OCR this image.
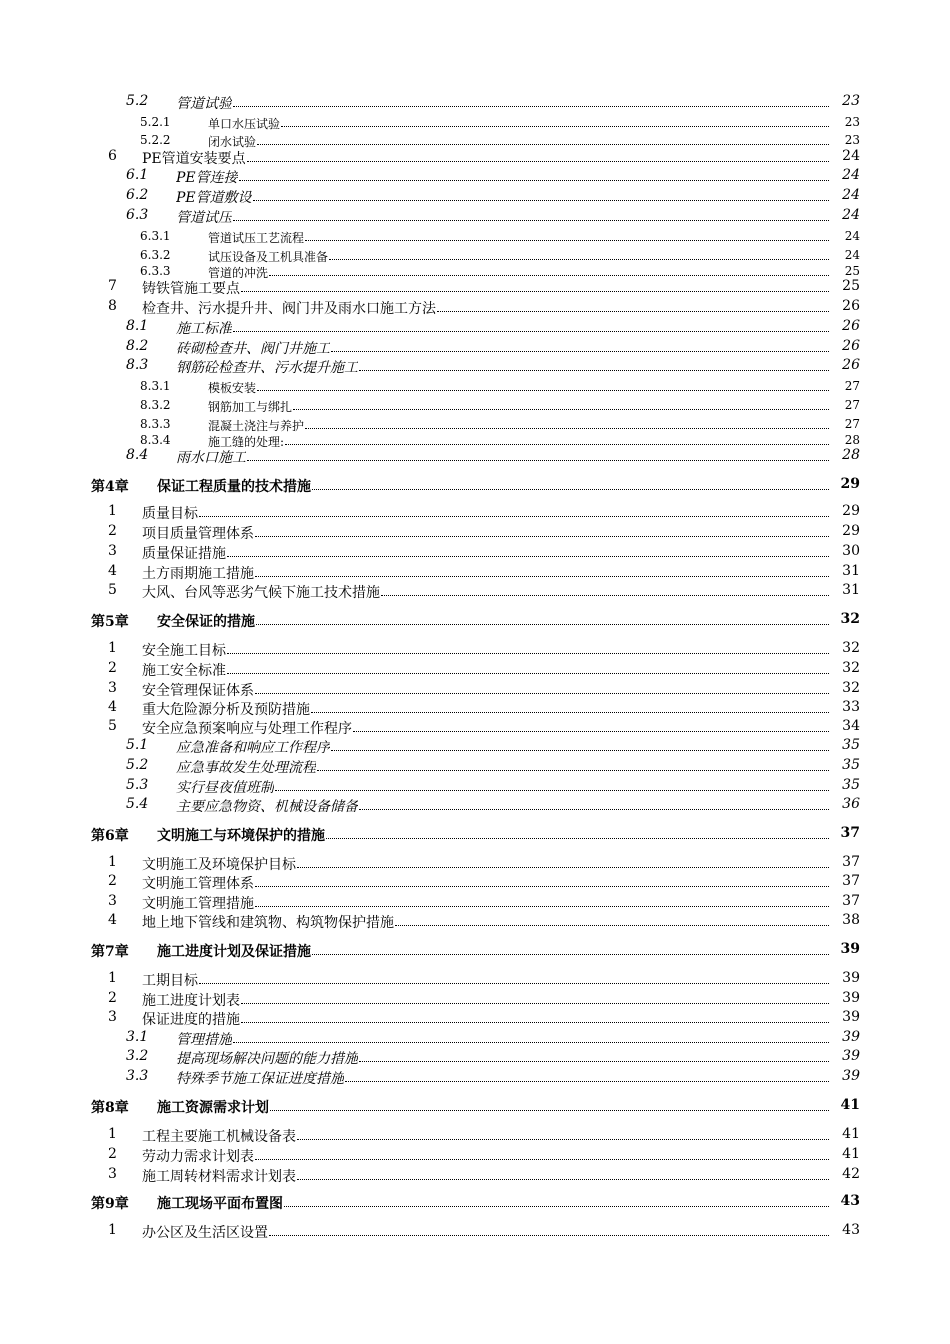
5.2 管道试验	23
5.2.1	单口水压试验	23
5.2.2	闭水试验	23
6 PE管道安装要点	24
6.1 PE管连接	24
6.2 PE管道敷设	24
6.3 管道试压	24
6.3.1	管道试压工艺流程	24
6.3.2	试压设备及工机具准备	24
6.3.3	管道的冲洗	25
7 铸铁管施工要点	25
8 检查井、污水提升井、阀门井及雨水口施工方法	26
8.1 施工标准	26
8.2 砖砌检查井、阀门井施工	26
8.3 钢筋砼检查井、污水提升施工	26
8.3.1	模板安装	27
8.3.2	钢筋加工与绑扎	27
8.3.3	混凝土浇注与养护	27
8.3.4	施工缝的处理:	28
8.4 雨水口施工	28
第4章 保证工程质量的技术措施	29
1 质量目标	29
2 项目质量管理体系	29
3 质量保证措施	30
4 土方雨期施工措施	31
5 大风、台风等恶劣气候下施工技术措施	31
第5章 安全保证的措施	32
1 安全施工目标	32
2 施工安全标准	32
3 安全管理保证体系	32
4 重大危险源分析及预防措施	33
5 安全应急预案响应与处理工作程序	34
5.1 应急准备和响应工作程序	35
5.2 应急事故发生处理流程	35
5.3 实行昼夜值班制	35
5.4 主要应急物资、机械设备储备	36
第6章 文明施工与环境保护的措施	37
1 文明施工及环境保护目标	37
2 文明施工管理体系	37
3 文明施工管理措施	37
4 地上地下管线和建筑物、构筑物保护措施	38
第7章 施工进度计划及保证措施	39
1 工期目标	39
2 施工进度计划表	39
3 保证进度的措施	39
3.1 管理措施	39
3.2 提高现场解决问题的能力措施	39
3.3 特殊季节施工保证进度措施	39
第8章 施工资源需求计划	41
1 工程主要施工机械设备表	41
2 劳动力需求计划表	41
3 施工周转材料需求计划表	42
第9章 施工现场平面布置图	43
1 办公区及生活区设置	43
